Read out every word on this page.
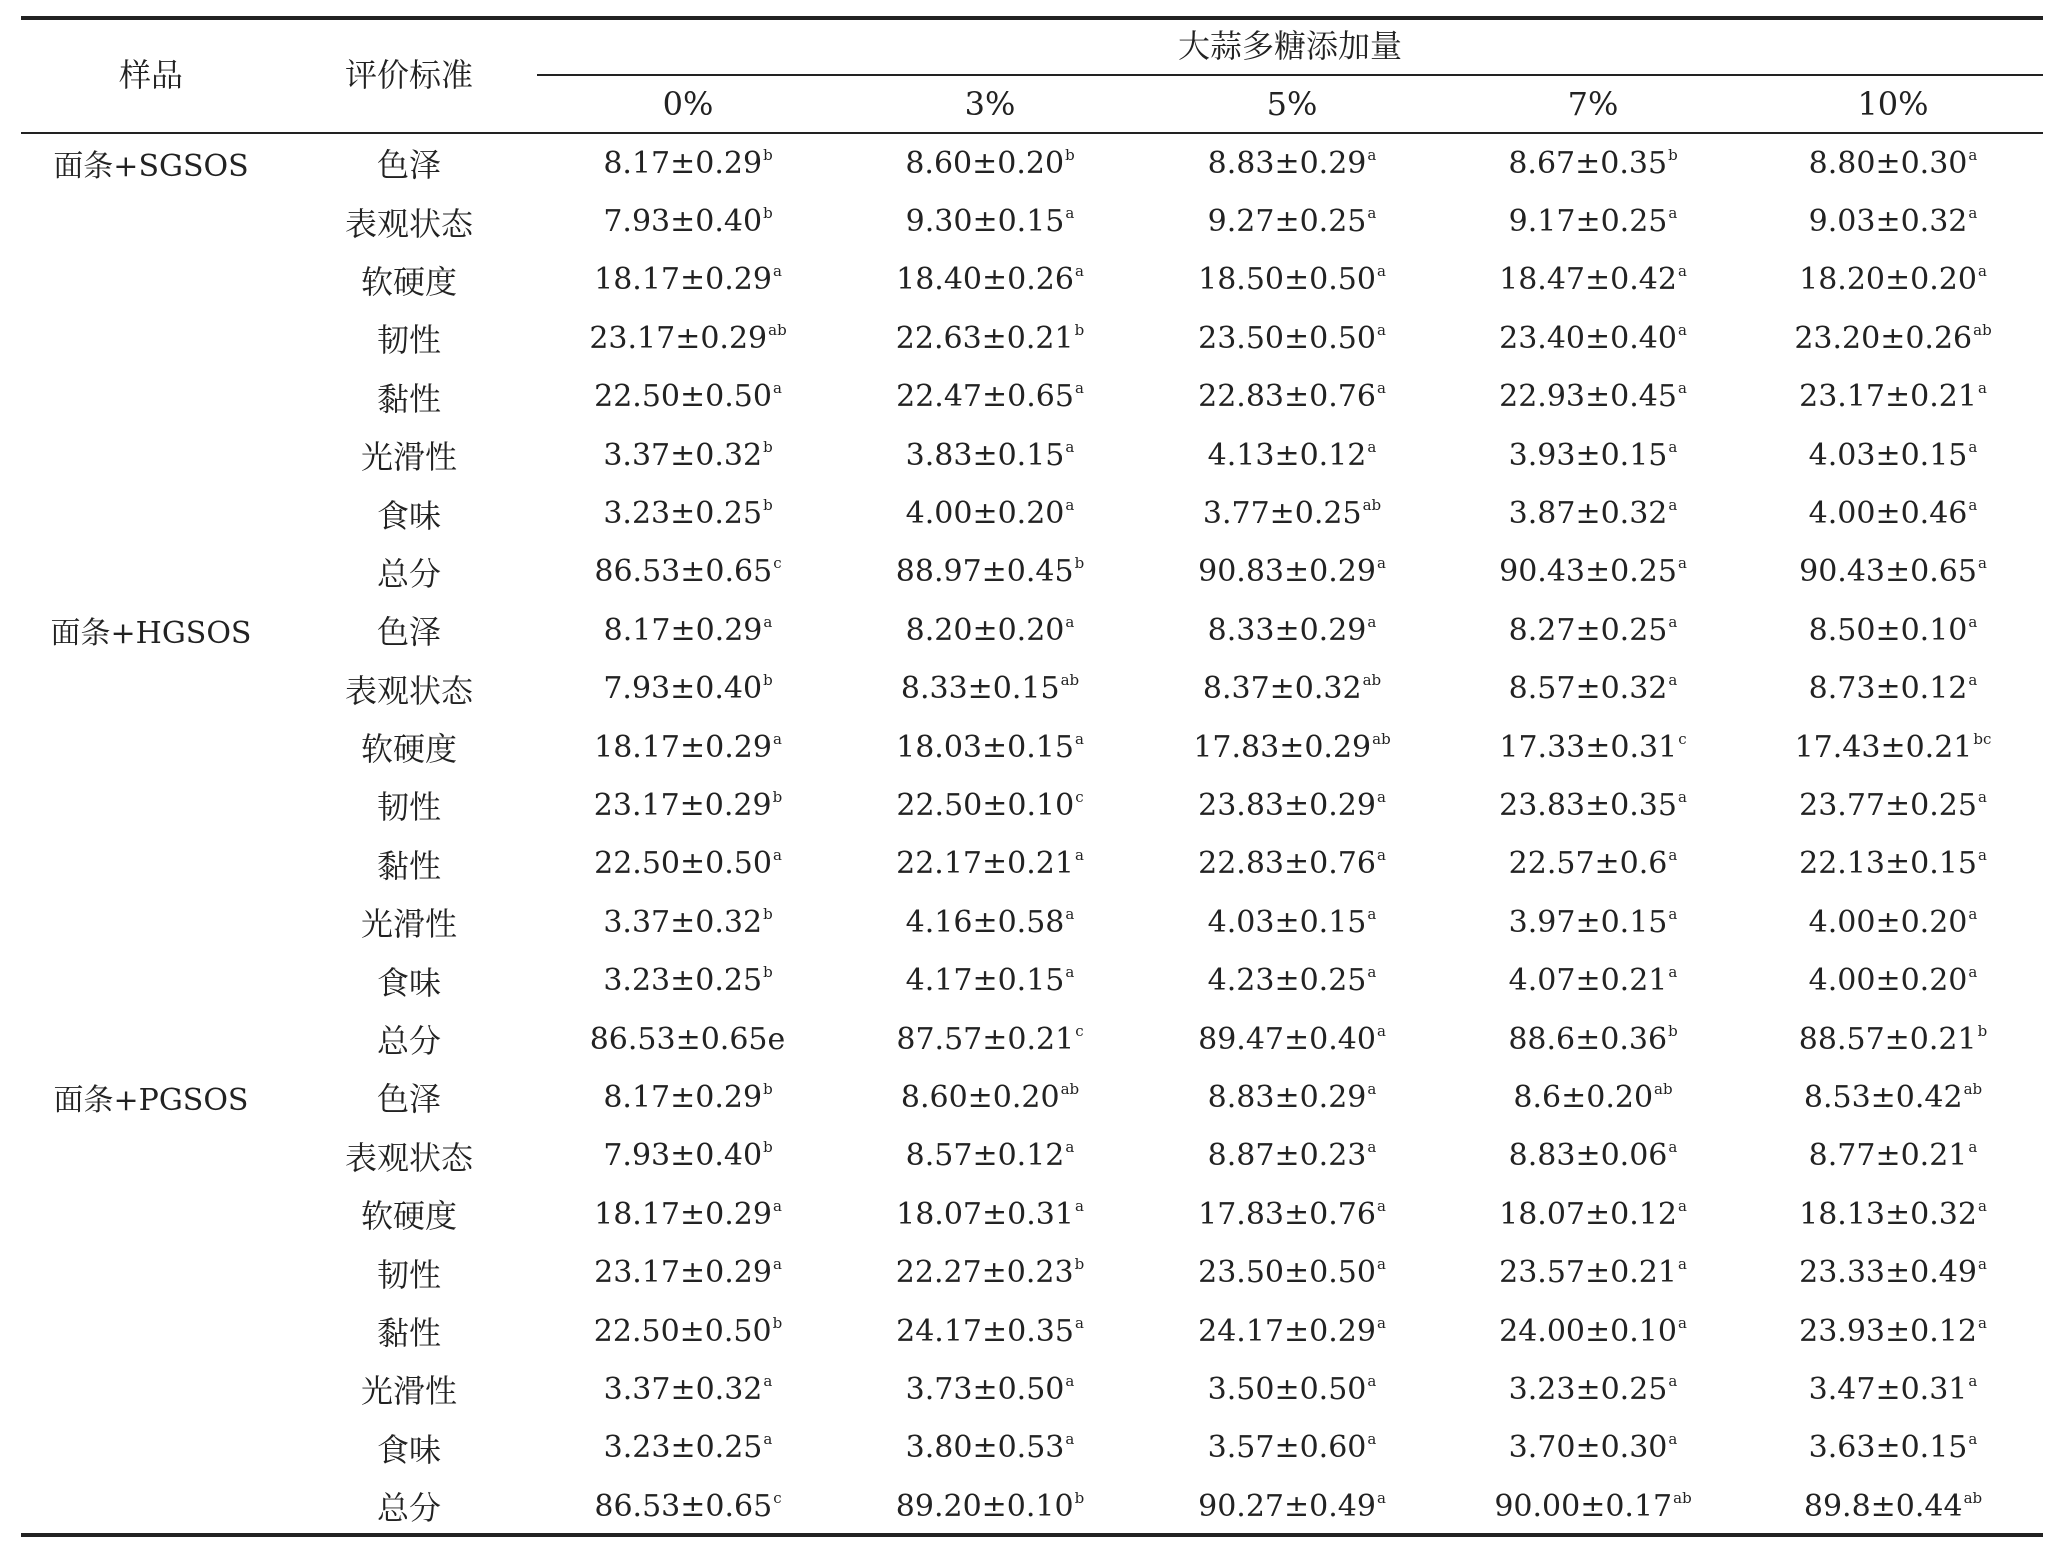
样品	评价标准
大蒜多糖添加量
0%	3%	5%	7%	10%
面条+SGSOS	色泽	8.17±0.29$^b$	8.60±0.20$^b$	8.83±0.29$^a$	8.67±0.35$^b$	8.80±0.30$^a$
	表观状态	7.93±0.40$^b$	9.30±0.15$^a$	9.27±0.25$^a$	9.17±0.25$^a$	9.03±0.32$^a$
	软硬度	18.17±0.29$^a$	18.40±0.26$^a$	18.50±0.50$^a$	18.47±0.42$^a$	18.20±0.20$^a$
	韧性	23.17±0.29$^{ab}$	22.63±0.21$^b$	23.50±0.50$^a$	23.40±0.40$^a$	23.20±0.26$^{ab}$
	黏性	22.50±0.50$^a$	22.47±0.65$^a$	22.83±0.76$^a$	22.93±0.45$^a$	23.17±0.21$^a$
	光滑性	3.37±0.32$^b$	3.83±0.15$^a$	4.13±0.12$^a$	3.93±0.15$^a$	4.03±0.15$^a$
	食味	3.23±0.25$^b$	4.00±0.20$^a$	3.77±0.25$^{ab}$	3.87±0.32$^a$	4.00±0.46$^a$
	总分	86.53±0.65$^c$	88.97±0.45$^b$	90.83±0.29$^a$	90.43±0.25$^a$	90.43±0.65$^a$
面条+HGSOS	色泽	8.17±0.29$^a$	8.20±0.20$^a$	8.33±0.29$^a$	8.27±0.25$^a$	8.50±0.10$^a$
	表观状态	7.93±0.40$^b$	8.33±0.15$^{ab}$	8.37±0.32$^{ab}$	8.57±0.32$^a$	8.73±0.12$^a$
	软硬度	18.17±0.29$^a$	18.03±0.15$^a$	17.83±0.29$^{ab}$	17.33±0.31$^c$	17.43±0.21$^{bc}$
	韧性	23.17±0.29$^b$	22.50±0.10$^c$	23.83±0.29$^a$	23.83±0.35$^a$	23.77±0.25$^a$
	黏性	22.50±0.50$^a$	22.17±0.21$^a$	22.83±0.76$^a$	22.57±0.6$^a$	22.13±0.15$^a$
	光滑性	3.37±0.32$^b$	4.16±0.58$^a$	4.03±0.15$^a$	3.97±0.15$^a$	4.00±0.20$^a$
	食味	3.23±0.25$^b$	4.17±0.15$^a$	4.23±0.25$^a$	4.07±0.21$^a$	4.00±0.20$^a$
	总分	86.53±0.65e	87.57±0.21$^c$	89.47±0.40$^a$	88.6±0.36$^b$	88.57±0.21$^b$
面条+PGSOS	色泽	8.17±0.29$^b$	8.60±0.20$^{ab}$	8.83±0.29$^a$	8.6±0.20$^{ab}$	8.53±0.42$^{ab}$
	表观状态	7.93±0.40$^b$	8.57±0.12$^a$	8.87±0.23$^a$	8.83±0.06$^a$	8.77±0.21$^a$
	软硬度	18.17±0.29$^a$	18.07±0.31$^a$	17.83±0.76$^a$	18.07±0.12$^a$	18.13±0.32$^a$
	韧性	23.17±0.29$^a$	22.27±0.23$^b$	23.50±0.50$^a$	23.57±0.21$^a$	23.33±0.49$^a$
	黏性	22.50±0.50$^b$	24.17±0.35$^a$	24.17±0.29$^a$	24.00±0.10$^a$	23.93±0.12$^a$
	光滑性	3.37±0.32$^a$	3.73±0.50$^a$	3.50±0.50$^a$	3.23±0.25$^a$	3.47±0.31$^a$
	食味	3.23±0.25$^a$	3.80±0.53$^a$	3.57±0.60$^a$	3.70±0.30$^a$	3.63±0.15$^a$
	总分	86.53±0.65$^c$	89.20±0.10$^b$	90.27±0.49$^a$	90.00±0.17$^{ab}$	89.8±0.44$^{ab}$
